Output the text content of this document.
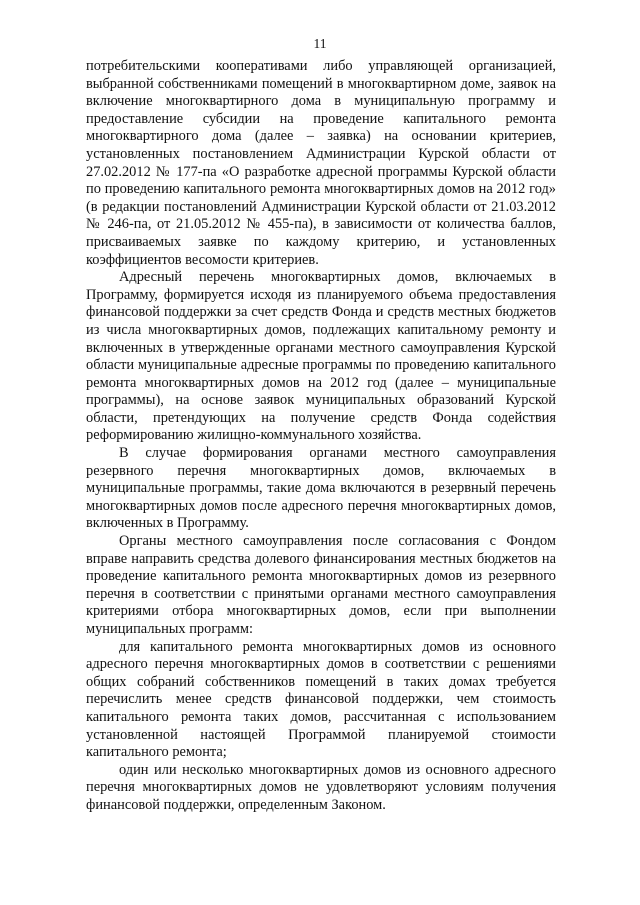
11

потребительскими кооперативами либо управляющей организацией, выбранной собственниками помещений в многоквартирном доме, заявок на включение многоквартирного дома в муниципальную программу и предоставление субсидии на проведение капитального ремонта многоквартирного дома (далее – заявка) на основании критериев, установленных постановлением Администрации Курской области от 27.02.2012 № 177-па «О разработке адресной программы Курской области по проведению капитального ремонта многоквартирных домов на 2012 год» (в редакции постановлений Администрации Курской области от 21.03.2012 № 246-па, от 21.05.2012 № 455-па), в зависимости от количества баллов, присваиваемых заявке по каждому критерию, и установленных коэффициентов весомости критериев.

Адресный перечень многоквартирных домов, включаемых в Программу, формируется исходя из планируемого объема предоставления финансовой поддержки за счет средств Фонда и средств местных бюджетов из числа многоквартирных домов, подлежащих капитальному ремонту и включенных в утвержденные органами местного самоуправления Курской области муниципальные адресные программы по проведению капитального ремонта многоквартирных домов на 2012 год (далее – муниципальные программы), на основе заявок муниципальных образований Курской области, претендующих на получение средств Фонда содействия реформированию жилищно-коммунального хозяйства.

В случае формирования органами местного самоуправления резервного перечня многоквартирных домов, включаемых в муниципальные программы, такие дома включаются в резервный перечень многоквартирных домов после адресного перечня многоквартирных домов, включенных в Программу.

Органы местного самоуправления после согласования с Фондом вправе направить средства долевого финансирования местных бюджетов на проведение капитального ремонта многоквартирных домов из резервного перечня в соответствии с принятыми органами местного самоуправления критериями отбора многоквартирных домов, если при выполнении муниципальных программ:

для капитального ремонта многоквартирных домов из основного адресного перечня многоквартирных домов в соответствии с решениями общих собраний собственников помещений в таких домах требуется перечислить менее средств финансовой поддержки, чем стоимость капитального ремонта таких домов, рассчитанная с использованием установленной настоящей Программой планируемой стоимости капитального ремонта;

один или несколько многоквартирных домов из основного адресного перечня многоквартирных домов не удовлетворяют условиям получения финансовой поддержки, определенным Законом.
